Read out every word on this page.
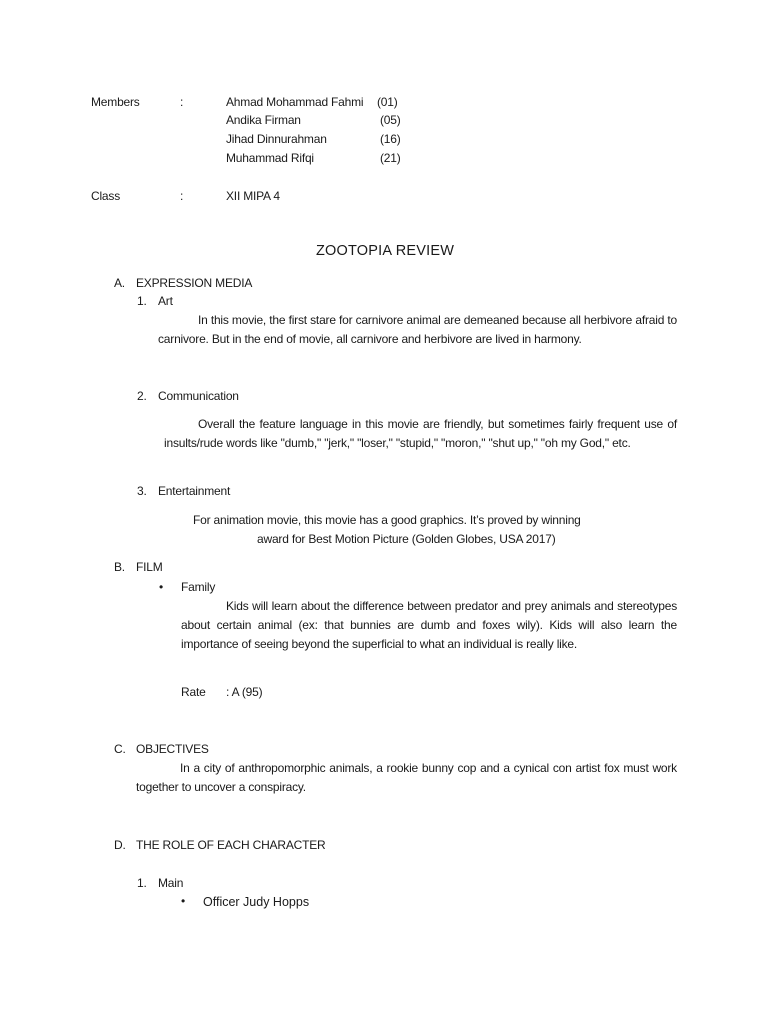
Members	:	Ahmad Mohammad Fahmi (01)
Andika Firman	(05)
Jihad Dinnurahman	(16)
Muhammad Rifqi	(21)
Class	:	XII MIPA 4
ZOOTOPIA REVIEW
A. EXPRESSION MEDIA
1. Art
In this movie, the first stare for carnivore animal are demeaned because all herbivore afraid to carnivore. But in the end of movie, all carnivore and herbivore are lived in harmony.
2. Communication
Overall the feature language in this movie are friendly, but sometimes fairly frequent use of insults/rude words like "dumb," "jerk," "loser," "stupid," "moron," "shut up," "oh my God," etc.
3. Entertainment
For animation movie, this movie has a good graphics. It’s proved by winning
award for Best Motion Picture (Golden Globes, USA 2017)
B. FILM
• Family
Kids will learn about the difference between predator and prey animals and stereotypes about certain animal (ex: that bunnies are dumb and foxes wily). Kids will also learn the importance of seeing beyond the superficial to what an individual is really like.
Rate : A (95)
C. OBJECTIVES
In a city of anthropomorphic animals, a rookie bunny cop and a cynical con artist fox must work together to uncover a conspiracy.
D. THE ROLE OF EACH CHARACTER
1. Main
• Officer Judy Hopps
